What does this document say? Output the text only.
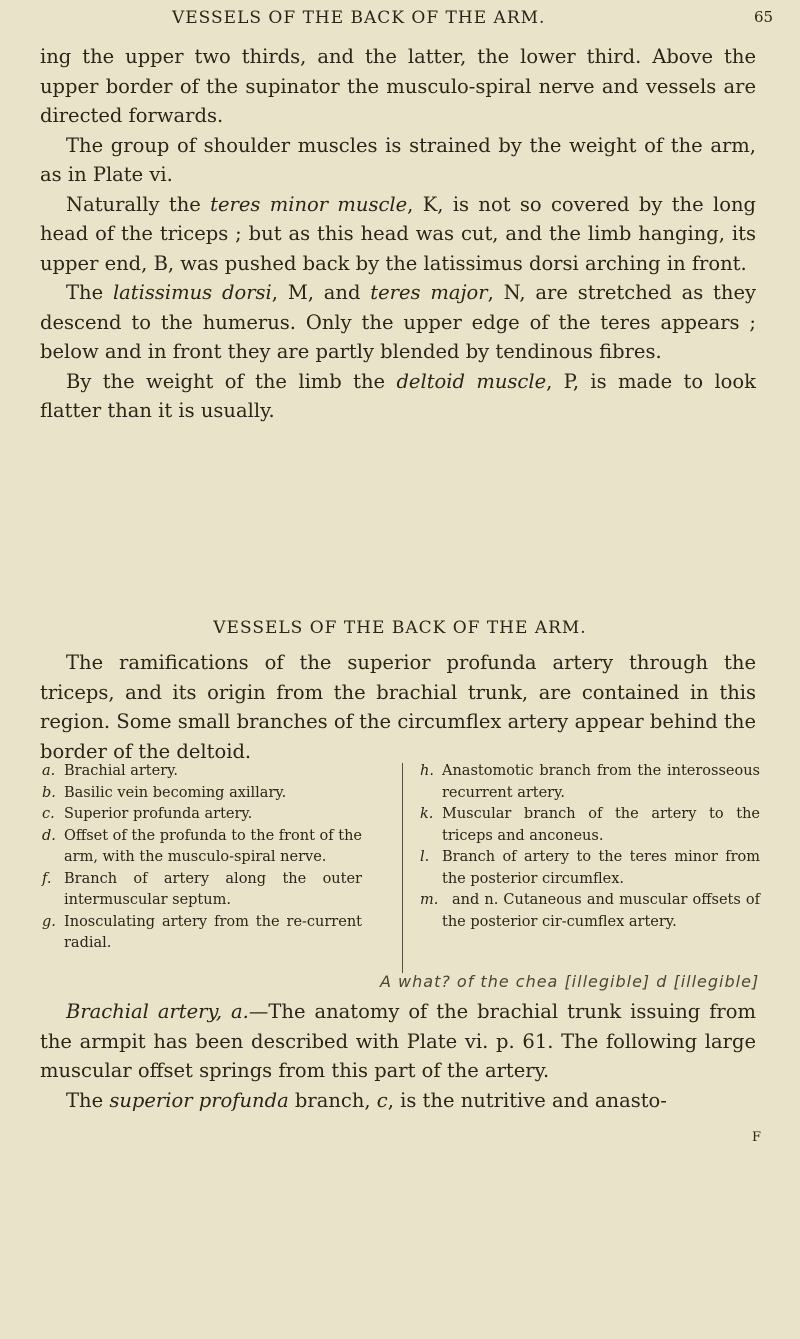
VESSELS OF THE BACK OF THE ARM.	65

ing the upper two thirds, and the latter, the lower third. Above the upper border of the supinator the musculo-spiral nerve and vessels are directed forwards.

The group of shoulder muscles is strained by the weight of the arm, as in Plate vi.

Naturally the teres minor muscle, K, is not so covered by the long head of the triceps ; but as this head was cut, and the limb hanging, its upper end, B, was pushed back by the latissimus dorsi arching in front.

The latissimus dorsi, M, and teres major, N, are stretched as they descend to the humerus. Only the upper edge of the teres appears ; below and in front they are partly blended by tendinous fibres.

By the weight of the limb the deltoid muscle, P, is made to look flatter than it is usually.

VESSELS OF THE BACK OF THE ARM.

The ramifications of the superior profunda artery through the triceps, and its origin from the brachial trunk, are contained in this region. Some small branches of the circumflex artery appear behind the border of the deltoid.

a. Brachial artery.

b. Basilic vein becoming axillary.

c. Superior profunda artery.

d. Offset of the profunda to the front of the arm, with the musculo-spiral nerve.

f. Branch of artery along the outer intermuscular septum.

g. Inosculating artery from the re-current radial.

h. Anastomotic branch from the interosseous recurrent artery.

k. Muscular branch of the artery to the triceps and anconeus.

l. Branch of artery to the teres minor from the posterior circumflex.

m. and n. Cutaneous and muscular offsets of the posterior cir-cumflex artery.

A what? of the chea [illegible] d [illegible]

Brachial artery, a.—The anatomy of the brachial trunk issuing from the armpit has been described with Plate vi. p. 61. The following large muscular offset springs from this part of the artery.

The superior profunda branch, c, is the nutritive and anasto-

F
